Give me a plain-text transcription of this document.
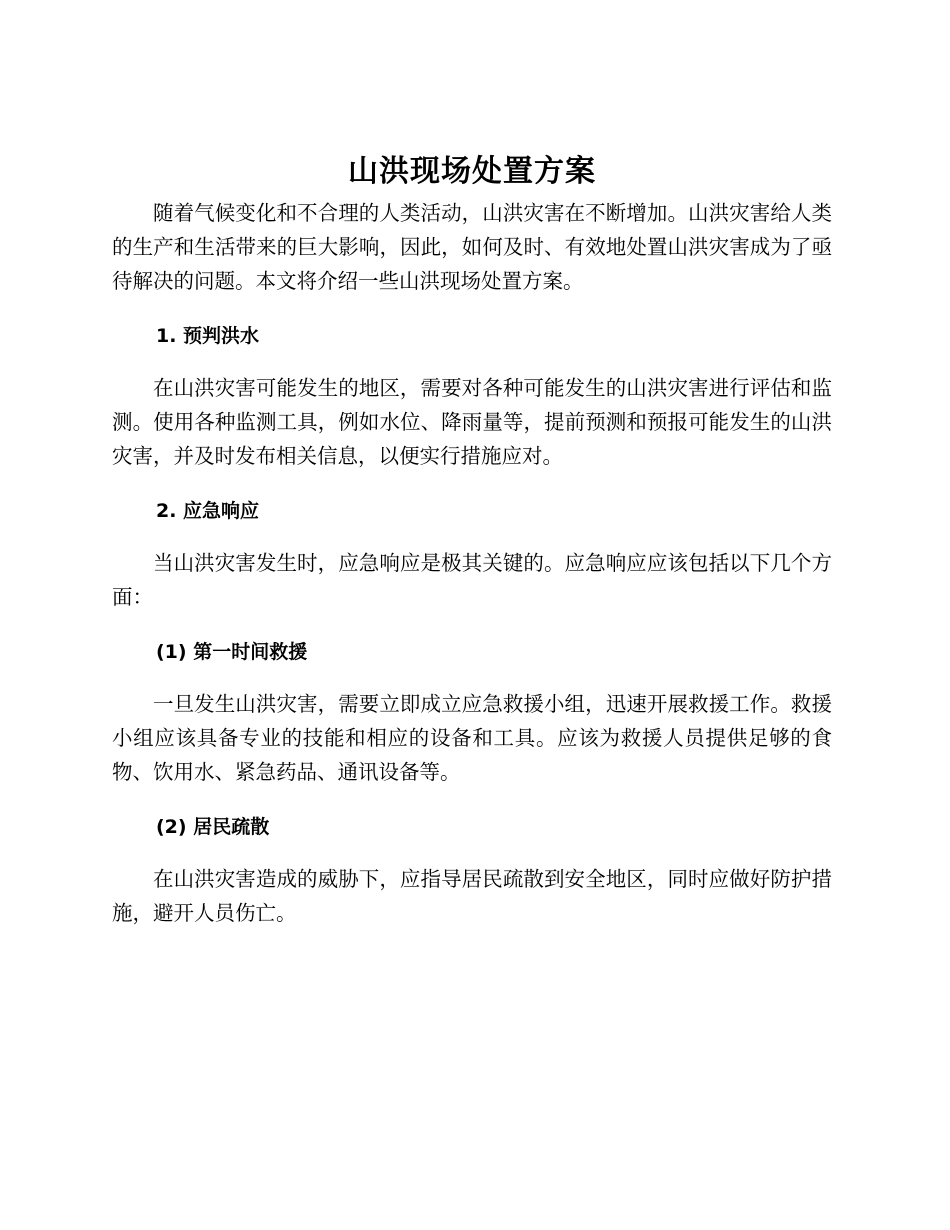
山洪现场处置方案

随着气候变化和不合理的人类活动，山洪灾害在不断增加。山洪灾害给人类的生产和生活带来的巨大影响，因此，如何及时、有效地处置山洪灾害成为了亟待解决的问题。本文将介绍一些山洪现场处置方案。

1. 预判洪水

在山洪灾害可能发生的地区，需要对各种可能发生的山洪灾害进行评估和监测。使用各种监测工具，例如水位、降雨量等，提前预测和预报可能发生的山洪灾害，并及时发布相关信息，以便实行措施应对。

2. 应急响应

当山洪灾害发生时，应急响应是极其关键的。应急响应应该包括以下几个方面：

(1) 第一时间救援

一旦发生山洪灾害，需要立即成立应急救援小组，迅速开展救援工作。救援小组应该具备专业的技能和相应的设备和工具。应该为救援人员提供足够的食物、饮用水、紧急药品、通讯设备等。

(2) 居民疏散

在山洪灾害造成的威胁下，应指导居民疏散到安全地区，同时应做好防护措施，避开人员伤亡。
